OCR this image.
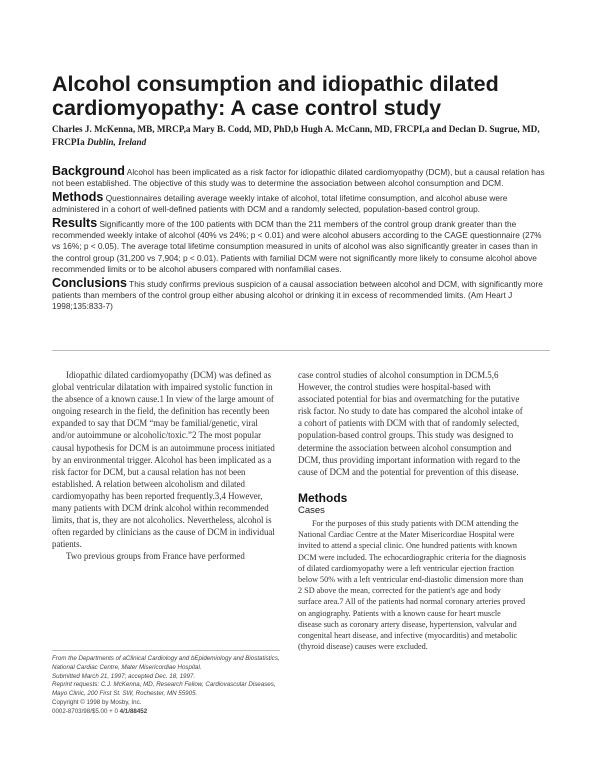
Alcohol consumption and idiopathic dilated
cardiomyopathy: A case control study
Charles J. McKenna, MB, MRCP,a Mary B. Codd, MD, PhD,b Hugh A. McCann, MD, FRCPI,a and Declan D. Sugrue, MD, FRCPIa Dublin, Ireland

Background Alcohol has been implicated as a risk factor for idiopathic dilated cardiomyopathy (DCM), but a causal relation has not been established. The objective of this study was to determine the association between alcohol consumption and DCM.

Methods Questionnaires detailing average weekly intake of alcohol, total lifetime consumption, and alcohol abuse were administered in a cohort of well-defined patients with DCM and a randomly selected, population-based control group.

Results Significantly more of the 100 patients with DCM than the 211 members of the control group drank greater than the recommended weekly intake of alcohol (40% vs 24%; p < 0.01) and were alcohol abusers according to the CAGE questionnaire (27% vs 16%; p < 0.05). The average total lifetime consumption measured in units of alcohol was also significantly greater in cases than in the control group (31,200 vs 7,904; p < 0.01). Patients with familial DCM were not significantly more likely to consume alcohol above recommended limits or to be alcohol abusers compared with nonfamilial cases.

Conclusions This study confirms previous suspicion of a causal association between alcohol and DCM, with significantly more patients than members of the control group either abusing alcohol or drinking it in excess of recommended limits. (Am Heart J 1998;135:833-7)

Idiopathic dilated cardiomyopathy (DCM) was defined as global ventricular dilatation with impaired systolic function in the absence of a known cause.1 In view of the large amount of ongoing research in the field, the definition has recently been expanded to say that DCM “may be familial/genetic, viral and/or autoimmune or alcoholic/toxic.”2 The most popular causal hypothesis for DCM is an autoimmune process initiated by an environmental trigger. Alcohol has been implicated as a risk factor for DCM, but a causal relation has not been established. A relation between alcoholism and dilated cardiomyopathy has been reported frequently.3,4 However, many patients with DCM drink alcohol within recommended limits, that is, they are not alcoholics. Nevertheless, alcohol is often regarded by clinicians as the cause of DCM in individual patients.

Two previous groups from France have performed

case control studies of alcohol consumption in DCM.5,6 However, the control studies were hospital-based with associated potential for bias and overmatching for the putative risk factor. No study to date has compared the alcohol intake of a cohort of patients with DCM with that of randomly selected, population-based control groups. This study was designed to determine the association between alcohol consumption and DCM, thus providing important information with regard to the cause of DCM and the potential for prevention of this disease.

Methods
Cases

For the purposes of this study patients with DCM attending the National Cardiac Centre at the Mater Misericordiae Hospital were invited to attend a special clinic. One hundred patients with known DCM were included. The echocardiographic criteria for the diagnosis of dilated cardiomyopathy were a left ventricular ejection fraction below 50% with a left ventricular end-diastolic dimension more than 2 SD above the mean, corrected for the patient's age and body surface area.7 All of the patients had normal coronary arteries proved on angiography. Patients with a known cause for heart muscle disease such as coronary artery disease, hypertension, valvular and congenital heart disease, and infective (myocarditis) and metabolic (thyroid disease) causes were excluded.

From the Departments of aClinical Cardiology and bEpidemiology and Biostatistics,
National Cardiac Centre, Mater Misericordiae Hospital.
Submitted March 21, 1997; accepted Dec. 18, 1997.
Reprint requests: C.J. McKenna, MD, Research Fellow, Cardiovascular Diseases,
Mayo Clinic, 200 First St. SW, Rochester, MN 55905.
Copyright © 1998 by Mosby, Inc.
0002-8703/98/$5.00 + 0 4/1/88452
